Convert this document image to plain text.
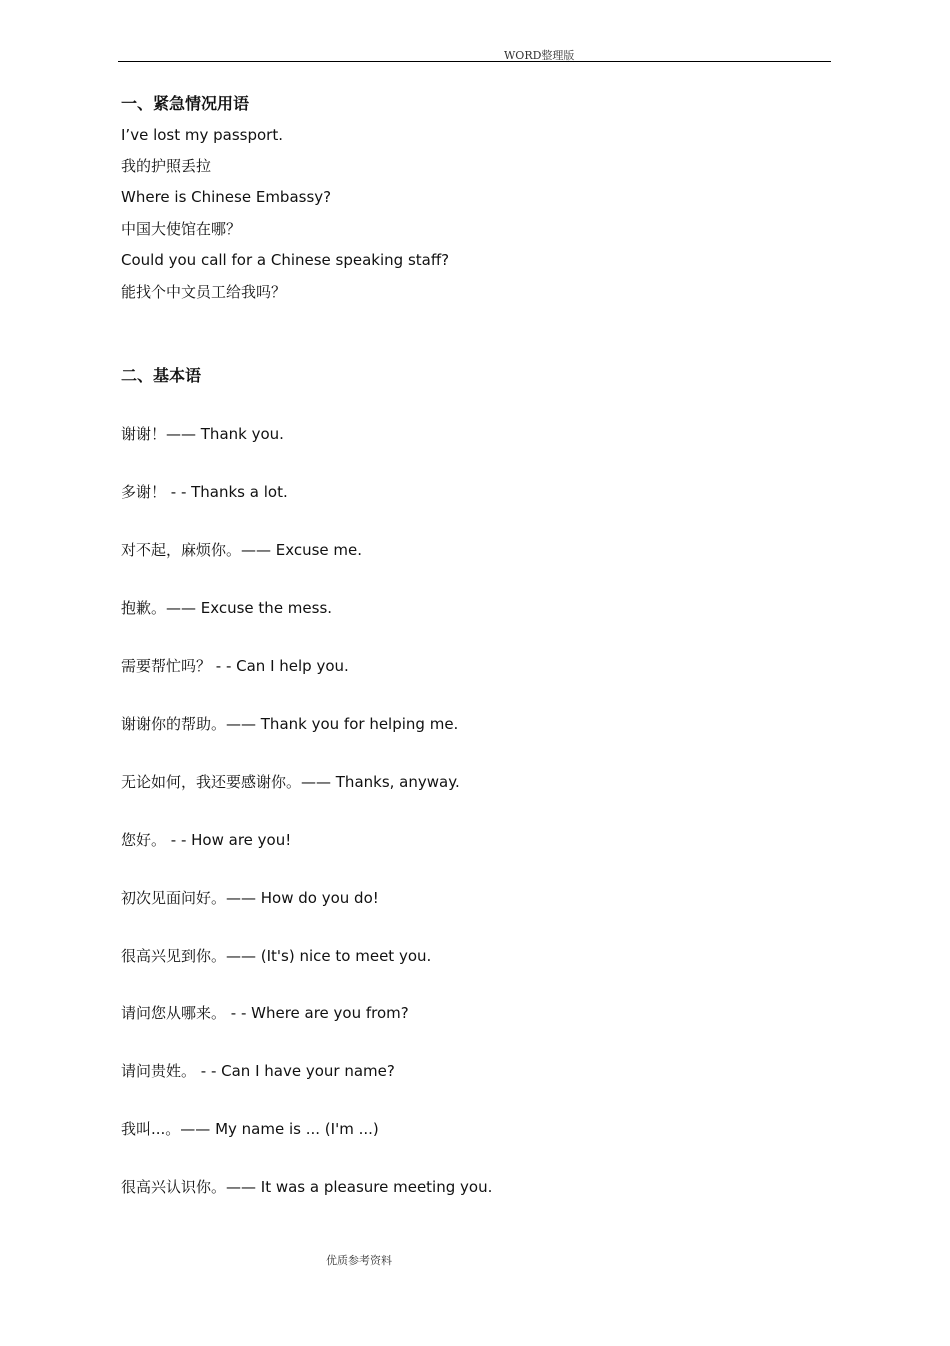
WORD整理版
一、紧急情况用语
I’ve lost my passport.
我的护照丢拉
Where is Chinese Embassy?
中国大使馆在哪？
Could you call for a Chinese speaking staff?
能找个中文员工给我吗？
二、基本语
谢谢！—— Thank you.
多谢！ - - Thanks a lot.
对不起，麻烦你。—— Excuse me.
抱歉。—— Excuse the mess.
需要帮忙吗？ - - Can I help you.
谢谢你的帮助。—— Thank you for helping me.
无论如何，我还要感谢你。—— Thanks, anyway.
您好。 - - How are you!
初次见面问好。—— How do you do!
很高兴见到你。—— (It's) nice to meet you.
请问您从哪来。 - - Where are you from?
请问贵姓。 - - Can I have your name?
我叫...。—— My name is ... (I'm ...)
很高兴认识你。—— It was a pleasure meeting you.
优质参考资料
